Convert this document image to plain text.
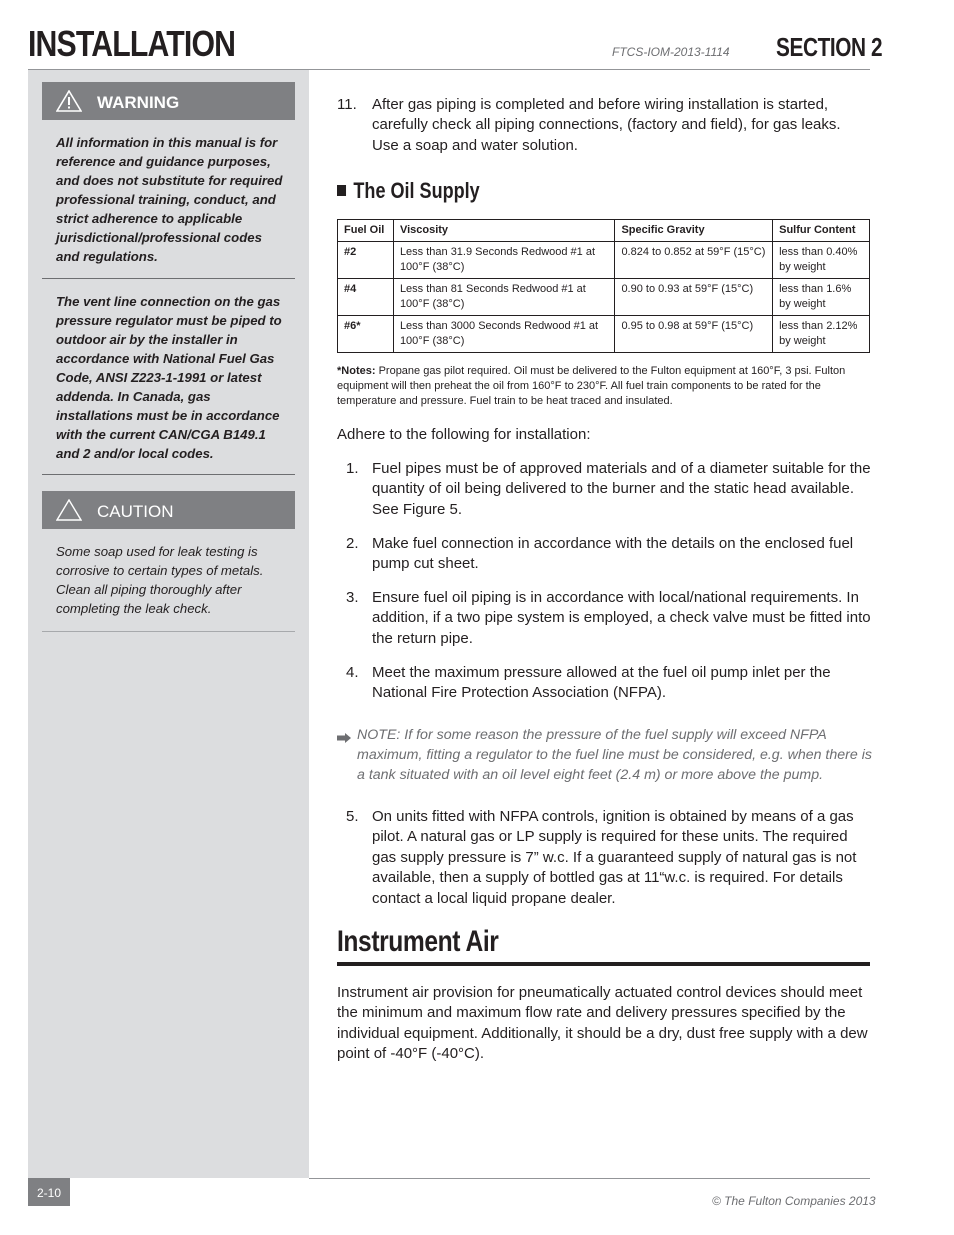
INSTALLATION	FTCS-IOM-2013-1114 SECTION 2
WARNING
All information in this manual is for reference and guidance purposes, and does not substitute for required professional training, conduct, and strict adherence to applicable jurisdictional/professional codes and regulations.
The vent line connection on the gas pressure regulator must be piped to outdoor air by the installer in accordance with National Fuel Gas Code, ANSI Z223-1-1991 or latest addenda. In Canada, gas installations must be in accordance with the current CAN/CGA B149.1 and 2 and/or local codes.
CAUTION
Some soap used for leak testing is corrosive to certain types of metals. Clean all piping thoroughly after completing the leak check.
11. After gas piping is completed and before wiring installation is started, carefully check all piping connections, (factory and field), for gas leaks. Use a soap and water solution.
The Oil Supply
Fuel Oil	Viscosity	Specific Gravity	Sulfur Content
#2	Less than 31.9 Seconds Redwood #1 at 100°F (38°C)	0.824 to 0.852 at 59°F (15°C)	less than 0.40% by weight
#4	Less than 81 Seconds Redwood #1 at 100°F (38°C)	0.90 to 0.93 at 59°F (15°C)	less than 1.6% by weight
#6*	Less than 3000 Seconds Redwood #1 at 100°F (38°C)	0.95 to 0.98 at 59°F (15°C)	less than 2.12% by weight
*Notes: Propane gas pilot required. Oil must be delivered to the Fulton equipment at 160°F, 3 psi. Fulton equipment will then preheat the oil from 160°F to 230°F. All fuel train components to be rated for the temperature and pressure. Fuel train to be heat traced and insulated.
Adhere to the following for installation:
1. Fuel pipes must be of approved materials and of a diameter suitable for the quantity of oil being delivered to the burner and the static head available. See Figure 5.
2. Make fuel connection in accordance with the details on the enclosed fuel pump cut sheet.
3. Ensure fuel oil piping is in accordance with local/national requirements. In addition, if a two pipe system is employed, a check valve must be fitted into the return pipe.
4. Meet the maximum pressure allowed at the fuel oil pump inlet per the National Fire Protection Association (NFPA).
NOTE: If for some reason the pressure of the fuel supply will exceed NFPA maximum, fitting a regulator to the fuel line must be considered, e.g. when there is a tank situated with an oil level eight feet (2.4 m) or more above the pump.
5. On units fitted with NFPA controls, ignition is obtained by means of a gas pilot. A natural gas or LP supply is required for these units. The required gas supply pressure is 7” w.c. If a guaranteed supply of natural gas is not available, then a supply of bottled gas at 11“w.c. is required. For details contact a local liquid propane dealer.
Instrument Air
Instrument air provision for pneumatically actuated control devices should meet the minimum and maximum flow rate and delivery pressures specified by the individual equipment. Additionally, it should be a dry, dust free supply with a dew point of -40°F (-40°C).
2-10
© The Fulton Companies 2013
